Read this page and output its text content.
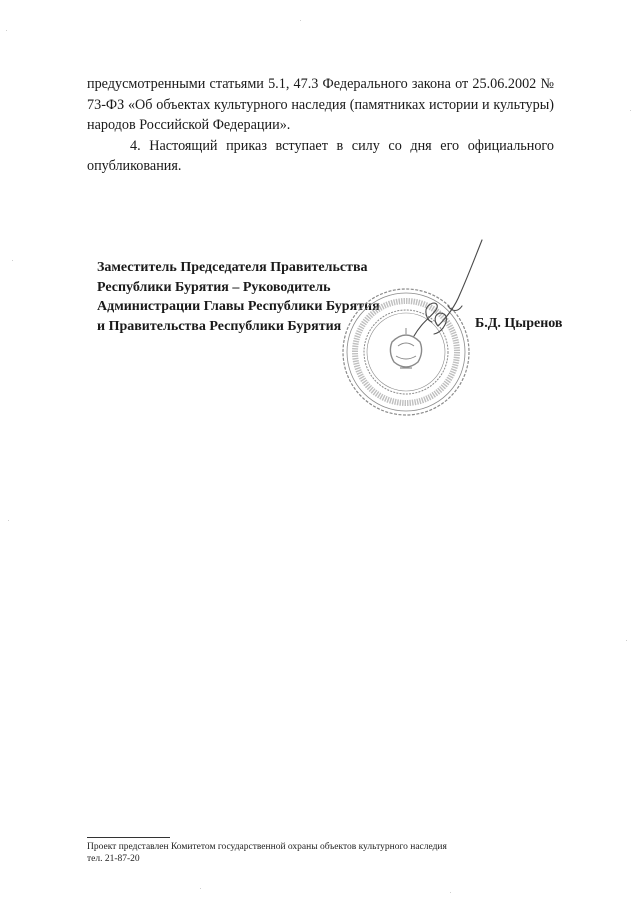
предусмотренными статьями 5.1, 47.3 Федерального закона от 25.06.2002 № 73-ФЗ «Об объектах культурного наследия (памятниках истории и культуры) народов Российской Федерации».

4. Настоящий приказ вступает в силу со дня его официального опубликования.

Заместитель Председателя Правительства
Республики Бурятия – Руководитель
Администрации Главы Республики Бурятия
и Правительства Республики Бурятия	Б.Д. Цыренов
Проект представлен Комитетом государственной охраны объектов культурного наследия
тел. 21-87-20
